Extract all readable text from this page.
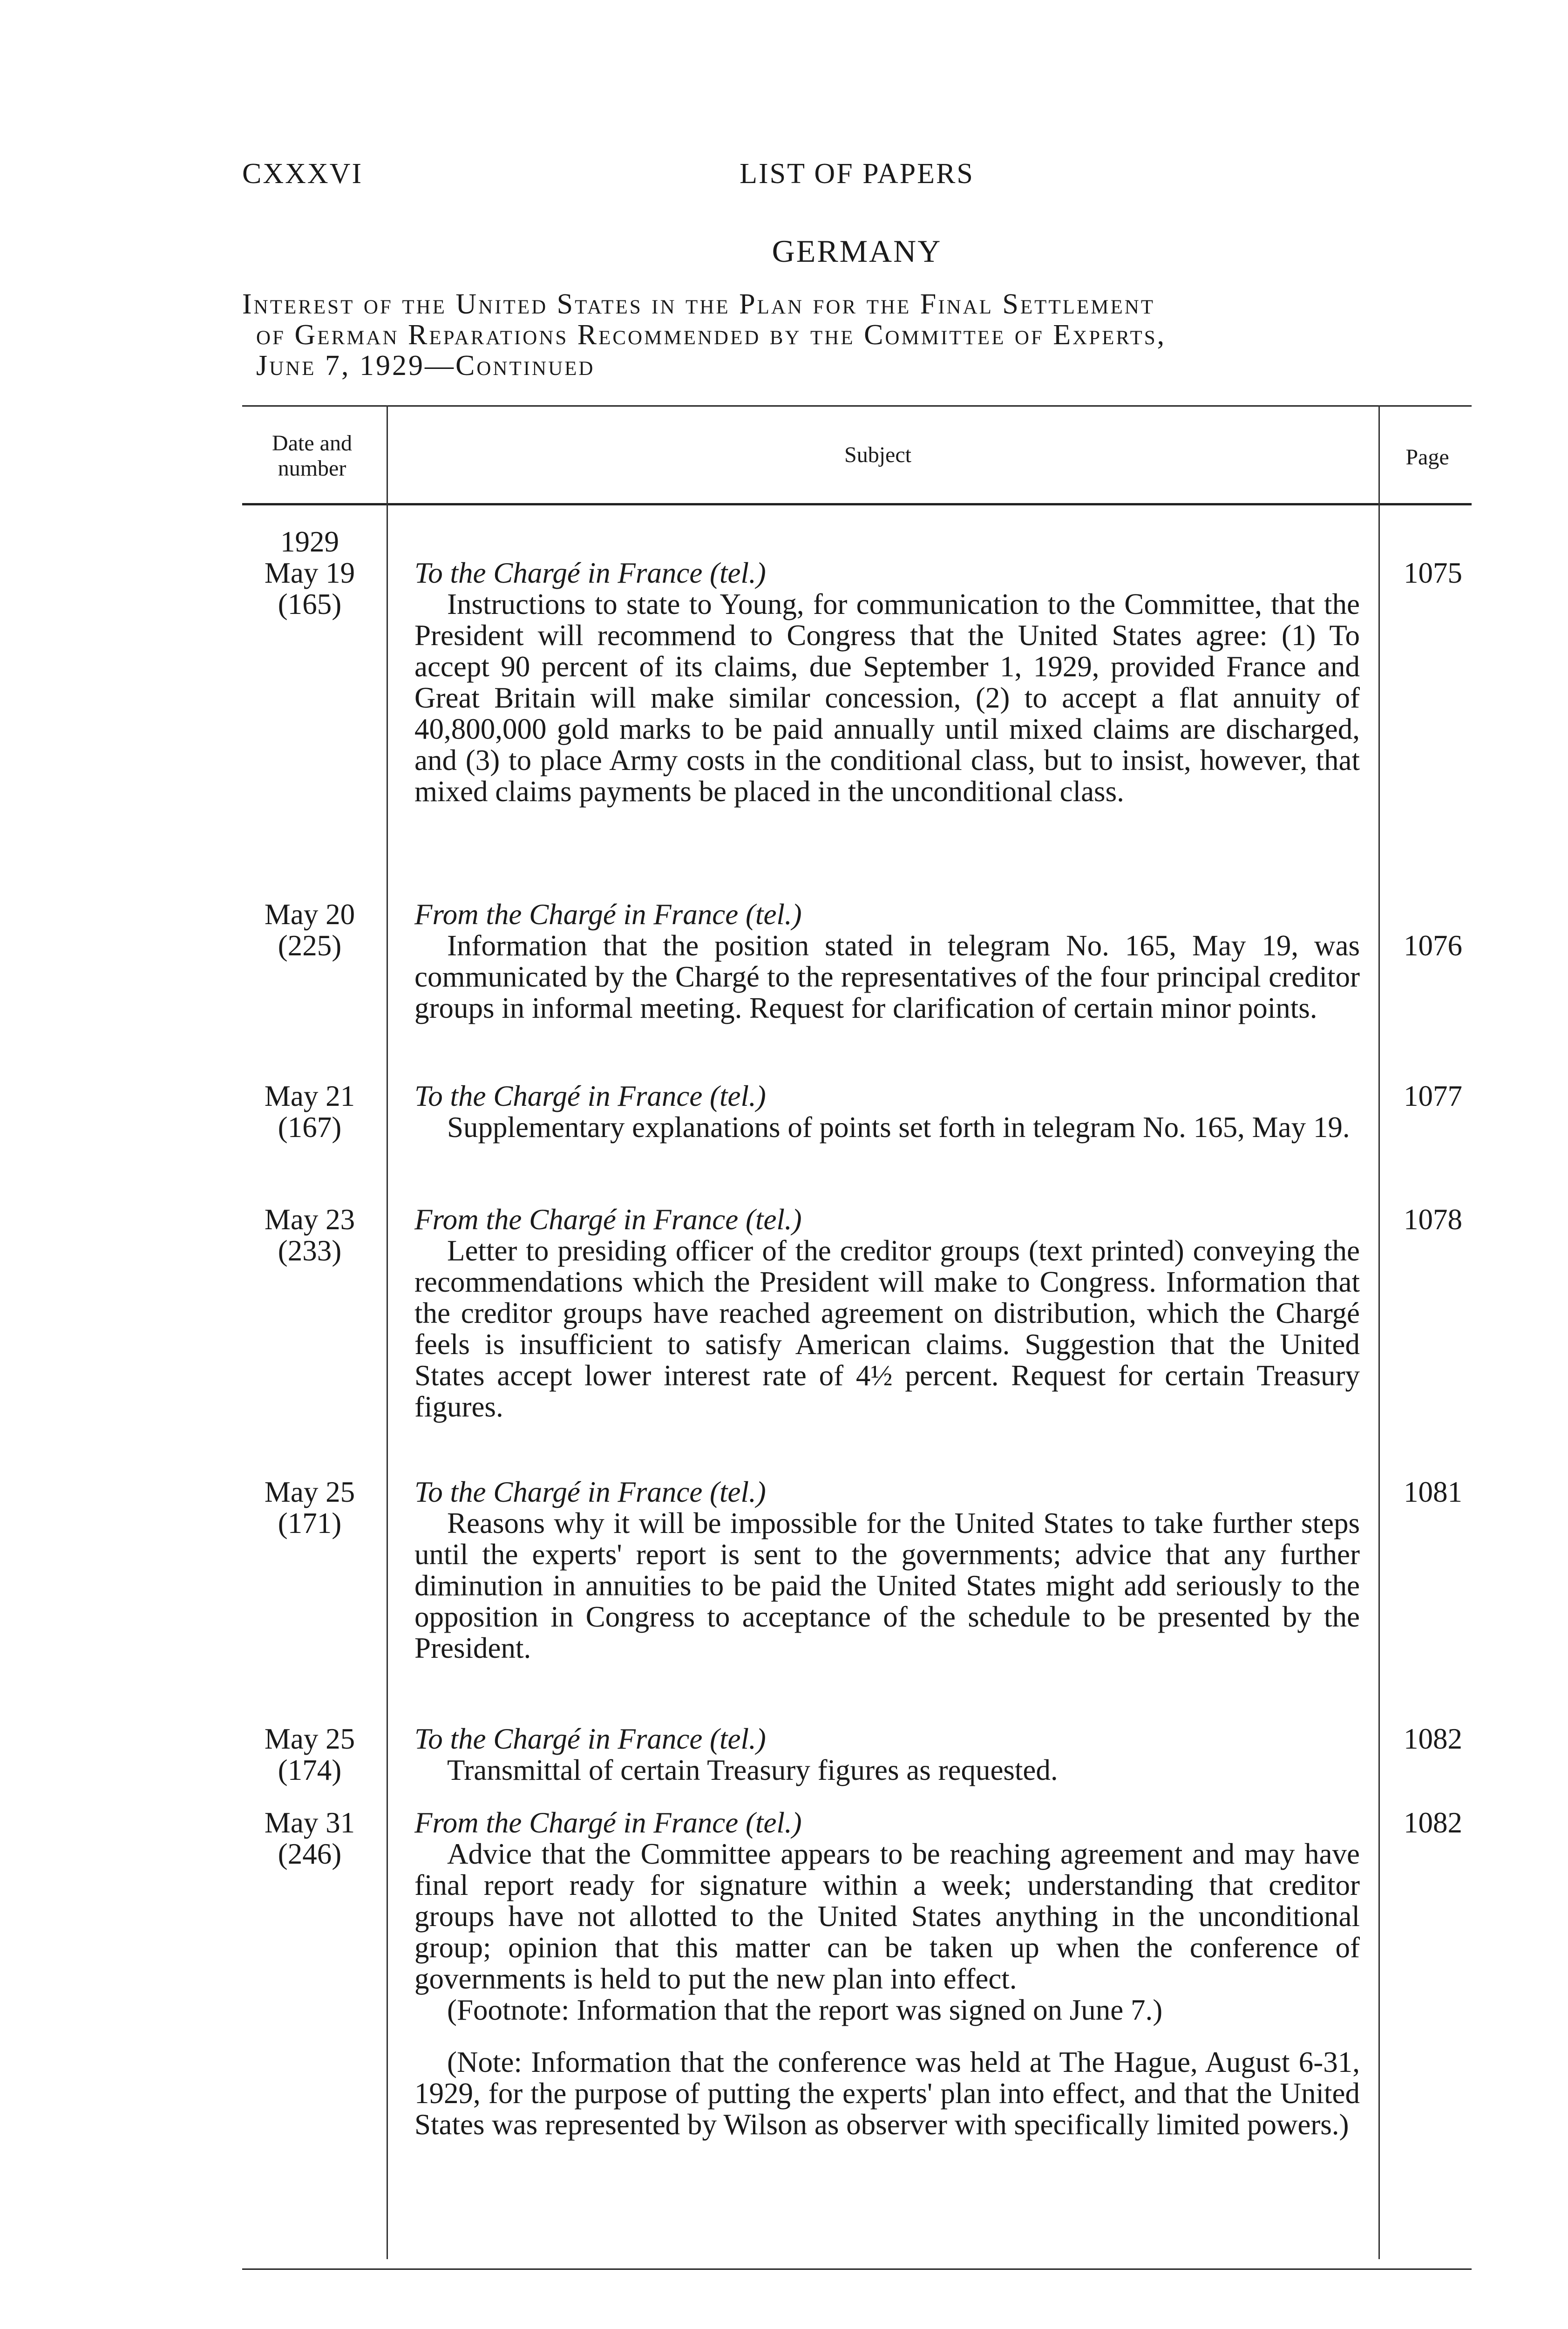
CXXXVI	LIST OF PAPERS
GERMANY
Interest of the United States in the Plan for the Final Settlement
of German Reparations Recommended by the Committee of Experts,
June 7, 1929—Continued
Date and
number
Subject	Page
1929
May 19
(165)
To the Chargé in France (tel.)
Instructions to state to Young, for communication to the Committee, that the President will recommend to Congress that the United States agree: (1) To accept 90 percent of its claims, due September 1, 1929, provided France and Great Britain will make similar concession, (2) to accept a flat annuity of 40,800,000 gold marks to be paid annually until mixed claims are discharged, and (3) to place Army costs in the conditional class, but to insist, however, that mixed claims payments be placed in the unconditional class.
1075
May 20
(225)
From the Chargé in France (tel.)
Information that the position stated in telegram No. 165, May 19, was communicated by the Chargé to the representatives of the four principal creditor groups in informal meeting. Request for clarification of certain minor points.
1076
May 21
(167)
To the Chargé in France (tel.)
Supplementary explanations of points set forth in telegram No. 165, May 19.
1077
May 23
(233)
From the Chargé in France (tel.)
Letter to presiding officer of the creditor groups (text printed) conveying the recommendations which the President will make to Congress. Information that the creditor groups have reached agreement on distribution, which the Chargé feels is insufficient to satisfy American claims. Suggestion that the United States accept lower interest rate of 4½ percent. Request for certain Treasury figures.
1078
May 25
(171)
To the Chargé in France (tel.)
Reasons why it will be impossible for the United States to take further steps until the experts' report is sent to the governments; advice that any further diminution in annuities to be paid the United States might add seriously to the opposition in Congress to acceptance of the schedule to be presented by the President.
1081
May 25
(174)
To the Chargé in France (tel.)
Transmittal of certain Treasury figures as requested.
1082
May 31
(246)
From the Chargé in France (tel.)
Advice that the Committee appears to be reaching agreement and may have final report ready for signature within a week; understanding that creditor groups have not allotted to the United States anything in the unconditional group; opinion that this matter can be taken up when the conference of governments is held to put the new plan into effect.
(Footnote: Information that the report was signed on June 7.)
(Note: Information that the conference was held at The Hague, August 6-31, 1929, for the purpose of putting the experts' plan into effect, and that the United States was represented by Wilson as observer with specifically limited powers.)
1082
